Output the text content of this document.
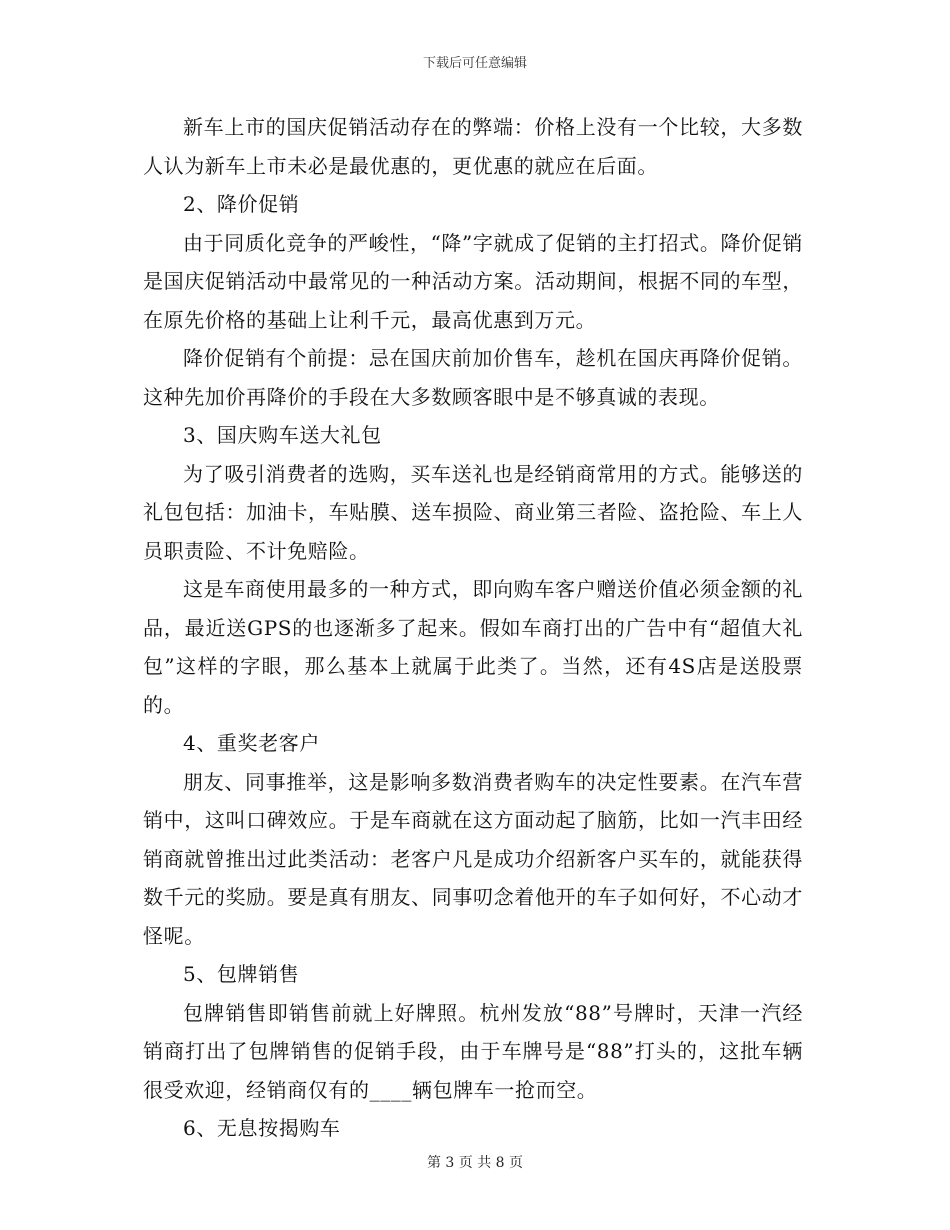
下载后可任意编辑

新车上市的国庆促销活动存在的弊端：价格上没有一个比较，大多数人认为新车上市未必是最优惠的，更优惠的就应在后面。

2、降价促销

由于同质化竞争的严峻性，“降”字就成了促销的主打招式。降价促销是国庆促销活动中最常见的一种活动方案。活动期间，根据不同的车型，在原先价格的基础上让利千元，最高优惠到万元。

降价促销有个前提：忌在国庆前加价售车，趁机在国庆再降价促销。这种先加价再降价的手段在大多数顾客眼中是不够真诚的表现。

3、国庆购车送大礼包

为了吸引消费者的选购，买车送礼也是经销商常用的方式。能够送的礼包包括：加油卡，车贴膜、送车损险、商业第三者险、盗抢险、车上人员职责险、不计免赔险。

这是车商使用最多的一种方式，即向购车客户赠送价值必须金额的礼品，最近送GPS的也逐渐多了起来。假如车商打出的广告中有“超值大礼包”这样的字眼，那么基本上就属于此类了。当然，还有4S店是送股票的。

4、重奖老客户

朋友、同事推举，这是影响多数消费者购车的决定性要素。在汽车营销中，这叫口碑效应。于是车商就在这方面动起了脑筋，比如一汽丰田经销商就曾推出过此类活动：老客户凡是成功介绍新客户买车的，就能获得数千元的奖励。要是真有朋友、同事叨念着他开的车子如何好，不心动才怪呢。

5、包牌销售

包牌销售即销售前就上好牌照。杭州发放“88”号牌时，天津一汽经销商打出了包牌销售的促销手段，由于车牌号是“88”打头的，这批车辆很受欢迎，经销商仅有的____辆包牌车一抢而空。

6、无息按揭购车

第 3 页 共 8 页
